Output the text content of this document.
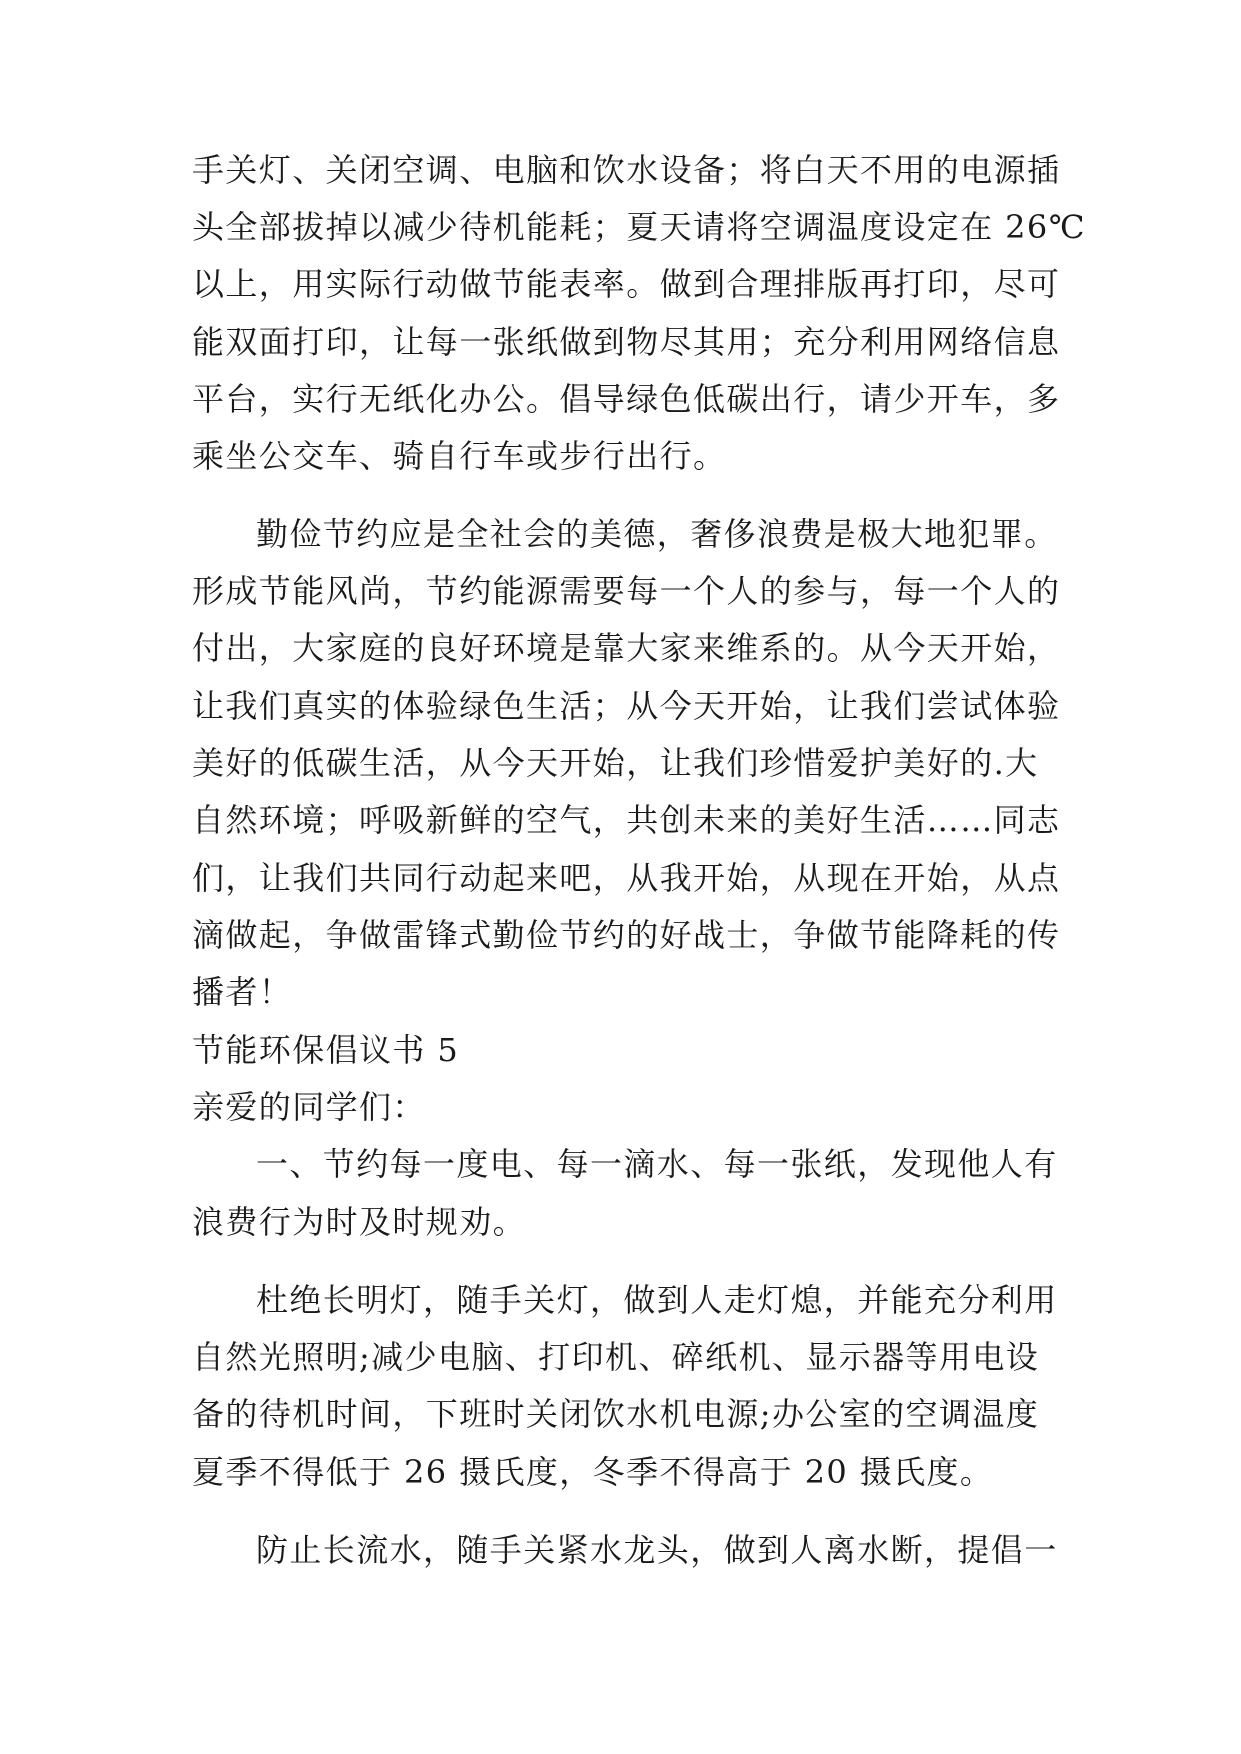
手关灯、关闭空调、电脑和饮水设备；将白天不用的电源插
头全部拔掉以减少待机能耗；夏天请将空调温度设定在 26℃
以上，用实际行动做节能表率。做到合理排版再打印，尽可
能双面打印，让每一张纸做到物尽其用；充分利用网络信息
平台，实行无纸化办公。倡导绿色低碳出行，请少开车，多
乘坐公交车、骑自行车或步行出行。
勤俭节约应是全社会的美德，奢侈浪费是极大地犯罪。
形成节能风尚，节约能源需要每一个人的参与，每一个人的
付出，大家庭的良好环境是靠大家来维系的。从今天开始，
让我们真实的体验绿色生活；从今天开始，让我们尝试体验
美好的低碳生活，从今天开始，让我们珍惜爱护美好的.大
自然环境；呼吸新鲜的空气，共创未来的美好生活……同志
们，让我们共同行动起来吧，从我开始，从现在开始，从点
滴做起，争做雷锋式勤俭节约的好战士，争做节能降耗的传
播者！
节能环保倡议书 5
亲爱的同学们：
一、节约每一度电、每一滴水、每一张纸，发现他人有
浪费行为时及时规劝。
杜绝长明灯，随手关灯，做到人走灯熄，并能充分利用
自然光照明;减少电脑、打印机、碎纸机、显示器等用电设
备的待机时间，下班时关闭饮水机电源;办公室的空调温度
夏季不得低于 26 摄氏度，冬季不得高于 20 摄氏度。
防止长流水，随手关紧水龙头，做到人离水断，提倡一
